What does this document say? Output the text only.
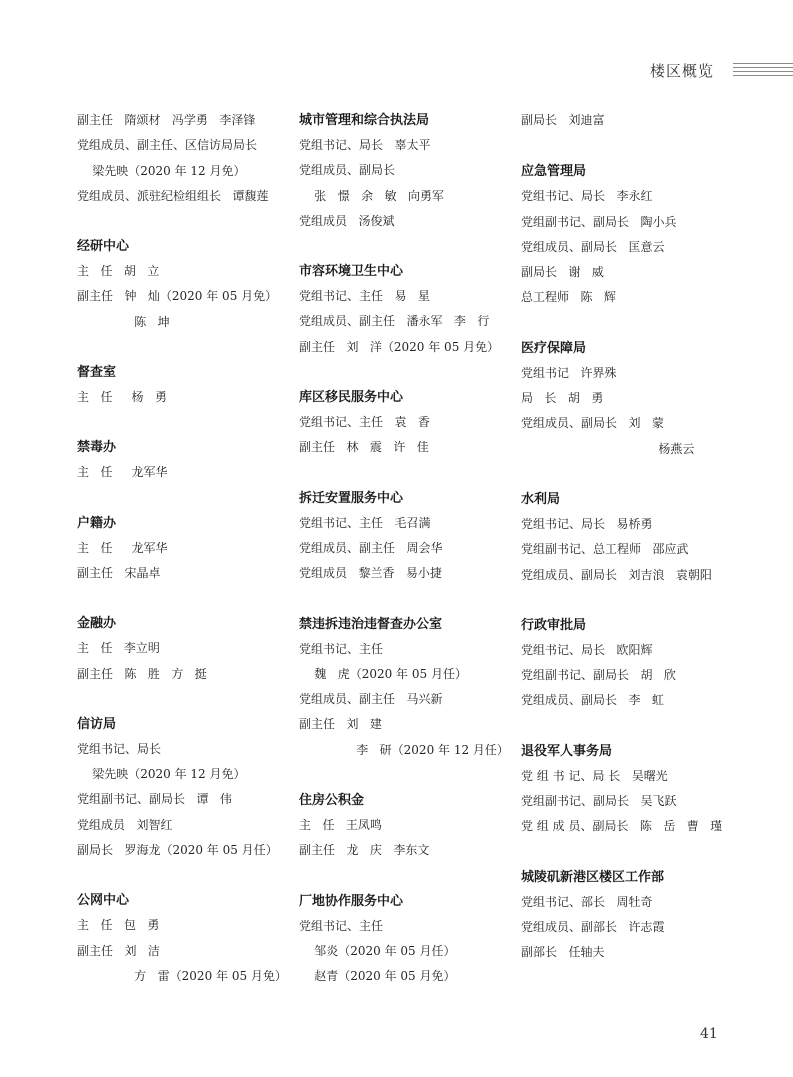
楼区概览
副主任   隋颂材   冯学勇   李泽锋
党组成员、副主任、区信访局局长
梁先映（2020 年 12 月免）
党组成员、派驻纪检组组长   谭馥莲
经研中心
主   任   胡   立
副主任   钟   灿（2020 年 05 月免）
陈   坤
督查室
主   任     杨   勇
禁毒办
主   任     龙军华
户籍办
主   任     龙军华
副主任   宋晶卓
金融办
主   任   李立明
副主任   陈   胜   方   挺
信访局
党组书记、局长
梁先映（2020 年 12 月免）
党组副书记、副局长   谭   伟
党组成员   刘智红
副局长   罗海龙（2020 年 05 月任）
公网中心
主   任   包   勇
副主任   刘   洁
方   雷（2020 年 05 月免）
城市管理和综合执法局
党组书记、局长   辜太平
党组成员、副局长
张   憬   余   敏   向勇军
党组成员   汤俊斌
市容环境卫生中心
党组书记、主任   易   星
党组成员、副主任   潘永军   李   行
副主任   刘   洋（2020 年 05 月免）
库区移民服务中心
党组书记、主任   袁   香
副主任   林   震   许   佳
拆迁安置服务中心
党组书记、主任   毛召满
党组成员、副主任   周会华
党组成员   黎兰香   易小捷
禁违拆违治违督查办公室
党组书记、主任
魏   虎（2020 年 05 月任）
党组成员、副主任   马兴新
副主任   刘   建
李   研（2020 年 12 月任）
住房公积金
主   任   王凤鸣
副主任   龙   庆   李东文
厂地协作服务中心
党组书记、主任
邹炎（2020 年 05 月任）
赵青（2020 年 05 月免）
副局长   刘迪富
应急管理局
党组书记、局长   李永红
党组副书记、副局长   陶小兵
党组成员、副局长   匡意云
副局长   谢   威
总工程师   陈   辉
医疗保障局
党组书记   许界殊
局   长   胡   勇
党组成员、副局长   刘   蒙
杨燕云
水利局
党组书记、局长   易桥勇
党组副书记、总工程师   邵应武
党组成员、副局长   刘吉浪   袁朝阳
行政审批局
党组书记、局长   欧阳辉
党组副书记、副局长   胡   欣
党组成员、副局长   李   虹
退役军人事务局
党 组 书 记、局 长   吴曙光
党组副书记、副局长   吴飞跃
党 组 成 员、副局长   陈   岳   曹   瑾
城陵矶新港区楼区工作部
党组书记、部长   周牡奇
党组成员、副部长   许志霞
副部长   任轴夫
41
